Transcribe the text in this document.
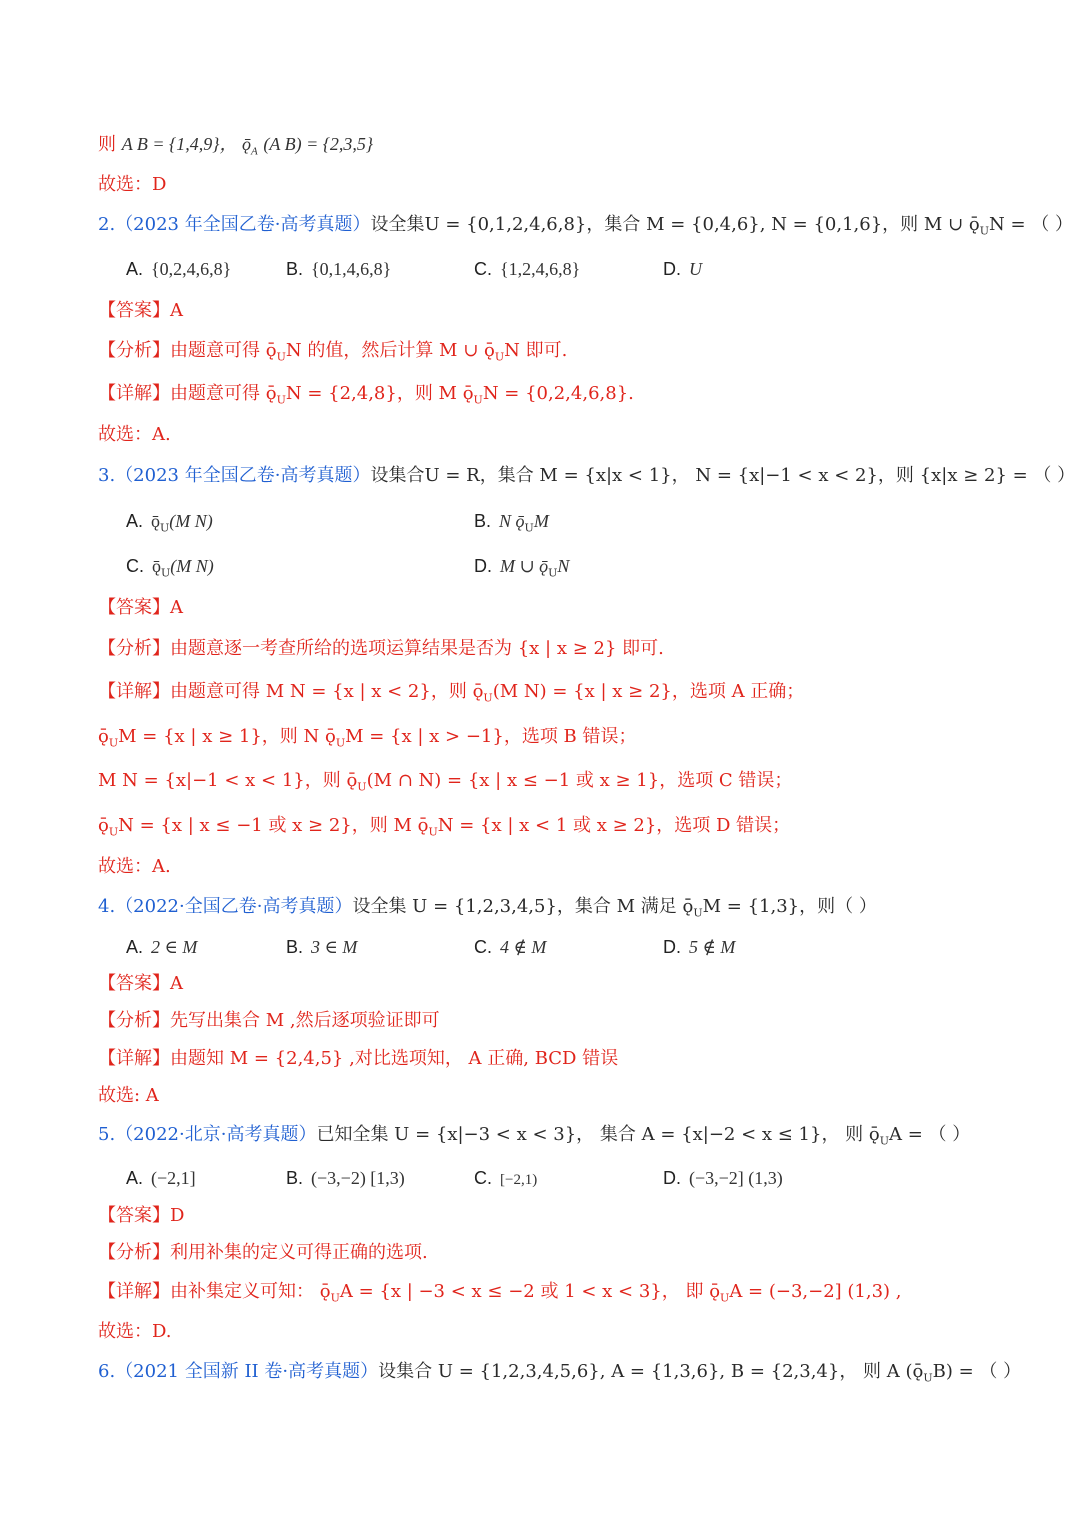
则 A B = {1,4,9}， $ǭ_A$ (A B) = {2,3,5}
故选：D
2.（2023 年全国乙卷·高考真题）设全集U = {0,1,2,4,6,8}，集合 M = {0,4,6}, N = {0,1,6}，则 M ∪ $ǭ_UN$ = （ ）
A. {0,2,4,6,8}	B. {0,1,4,6,8}	C. {1,2,4,6,8}	D. U
【答案】A
【分析】由题意可得 $ǭ_UN$ 的值，然后计算 M ∪ $ǭ_UN$ 即可.
【详解】由题意可得 $ǭ_UN = \{2,4,8\}$，则 M $ǭ_UN = \{0,2,4,6,8\}$.
故选：A.
3.（2023 年全国乙卷·高考真题）设集合U = R，集合 M = {x|x < 1}， N = {x|−1 < x < 2}，则 {x|x ≥ 2} = （ ）
A. $ǭ_U(M$ N)	B. N $ǭ_UM$
C. $ǭ_U(M$ N)	D. M ∪ $ǭ_UN$
【答案】A
【分析】由题意逐一考查所给的选项运算结果是否为 {x | x ≥ 2} 即可.
【详解】由题意可得 M N = {x | x < 2}，则 $ǭ_U(M$ N) = {x | x ≥ 2}，选项 A 正确；
$ǭ_UM = \{x$ | x ≥ 1}，则 N $ǭ_UM = \{x$ | x > −1}，选项 B 错误；
M N = {x|−1 < x < 1}，则 $ǭ_U(M$ ∩ N) = {x | x ≤ −1 或 x ≥ 1}，选项 C 错误；
$ǭ_UN = \{x$ | x ≤ −1 或 x ≥ 2}，则 M $ǭ_UN = \{x$ | x < 1 或 x ≥ 2}，选项 D 错误；
故选：A.
4.（2022·全国乙卷·高考真题）设全集 U = {1,2,3,4,5}，集合 M 满足 $ǭ_UM = \{1,3\}$，则（ ）
A. 2 ∈ M	B. 3 ∈ M	C. 4 ∉ M	D. 5 ∉ M
【答案】A
【分析】先写出集合 M ,然后逐项验证即可
【详解】由题知 M = {2,4,5} ,对比选项知， A 正确, BCD 错误
故选: A
5.（2022·北京·高考真题）已知全集 U = {x|−3 < x < 3}， 集合 A = {x|−2 < x ≤ 1}， 则 $ǭ_UA$ = （ ）
A. (−2,1]	B. (−3,−2) [1,3)	C. [−2,1)	D. (−3,−2] (1,3)
【答案】D
【分析】利用补集的定义可得正确的选项.
【详解】由补集定义可知： $ǭ_UA = \{x$ | −3 < x ≤ −2 或 1 < x < 3}， 即 $ǭ_UA = (-3,-2]$ (1,3) ,
故选：D.
6.（2021 全国新 II 卷·高考真题）设集合 U = {1,2,3,4,5,6}, A = {1,3,6}, B = {2,3,4}， 则 A $(ǭ_UB)$ = （ ）
